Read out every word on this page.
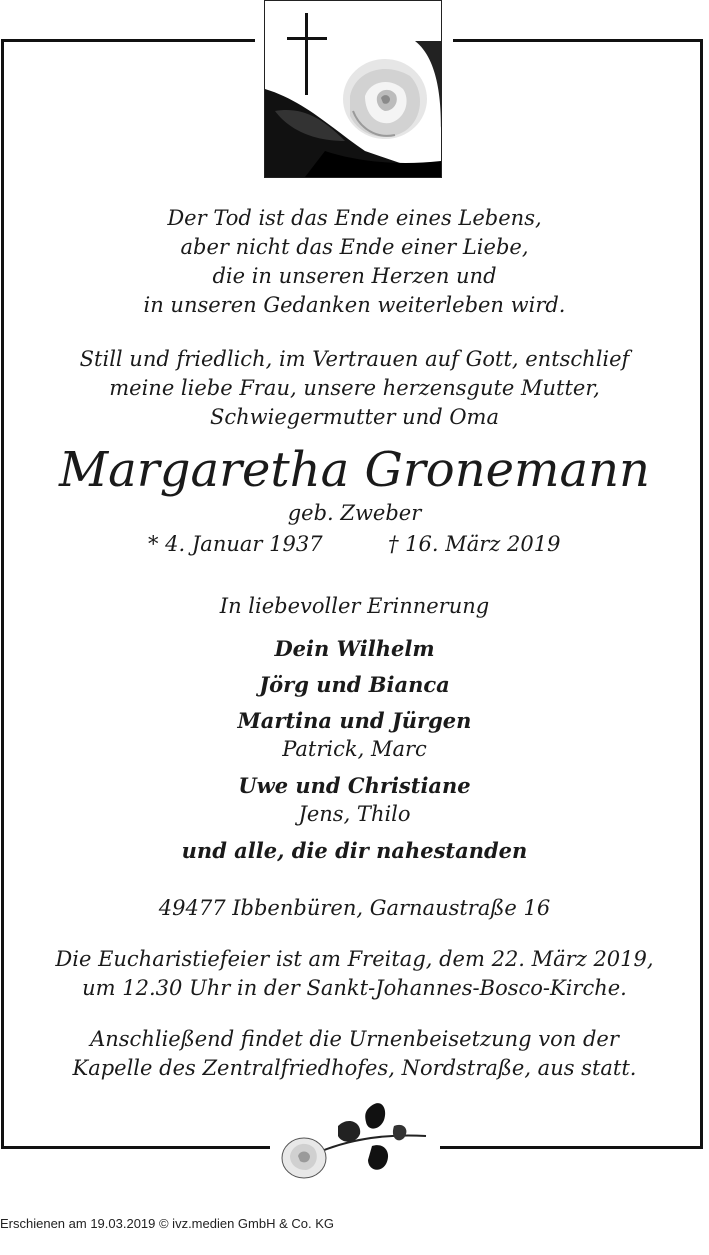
Der Tod ist das Ende eines Lebens,
aber nicht das Ende einer Liebe,
die in unseren Herzen und
in unseren Gedanken weiterleben wird.
Still und friedlich, im Vertrauen auf Gott, entschlief
meine liebe Frau, unsere herzensgute Mutter,
Schwiegermutter und Oma
Margaretha Gronemann
geb. Zweber
* 4. Januar 1937	† 16. März 2019
In liebevoller Erinnerung
Dein Wilhelm
Jörg und Bianca
Martina und Jürgen
Patrick, Marc
Uwe und Christiane
Jens, Thilo
und alle, die dir nahestanden
49477 Ibbenbüren, Garnaustraße 16
Die Eucharistiefeier ist am Freitag, dem 22. März 2019,
um 12.30 Uhr in der Sankt-Johannes-Bosco-Kirche.
Anschließend findet die Urnenbeisetzung von der
Kapelle des Zentralfriedhofes, Nordstraße, aus statt.
Erschienen am 19.03.2019 © ivz.medien GmbH & Co. KG
